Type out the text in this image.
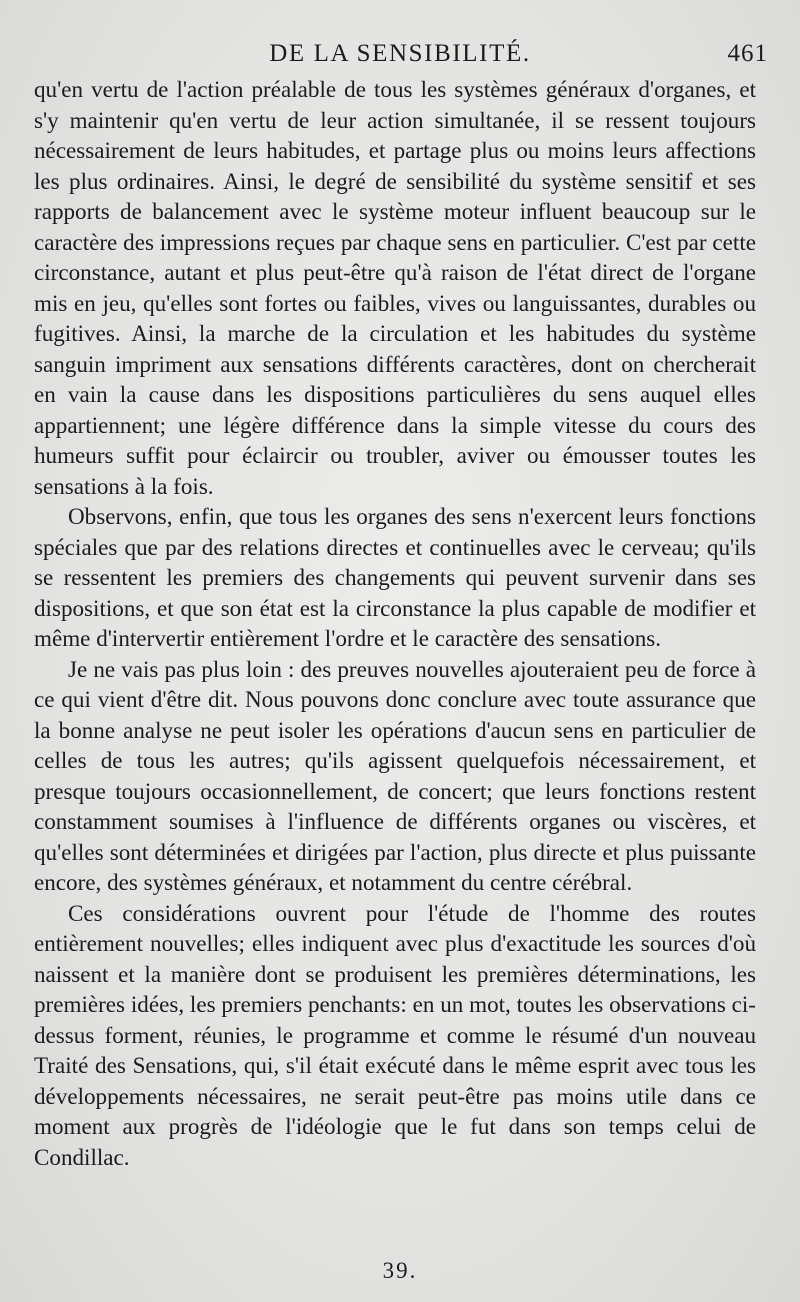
DE LA SENSIBILITÉ.	461

qu'en vertu de l'action préalable de tous les systèmes généraux d'organes, et s'y maintenir qu'en vertu de leur action simultanée, il se ressent toujours nécessairement de leurs habitudes, et partage plus ou moins leurs affections les plus ordinaires. Ainsi, le degré de sensibilité du système sensitif et ses rapports de balancement avec le système moteur influent beaucoup sur le caractère des impressions reçues par chaque sens en particulier. C'est par cette circonstance, autant et plus peut-être qu'à raison de l'état direct de l'organe mis en jeu, qu'elles sont fortes ou faibles, vives ou languissantes, durables ou fugitives. Ainsi, la marche de la circulation et les habitudes du système sanguin impriment aux sensations différents caractères, dont on chercherait en vain la cause dans les dispositions particulières du sens auquel elles appartiennent; une légère différence dans la simple vitesse du cours des humeurs suffit pour éclaircir ou troubler, aviver ou émousser toutes les sensations à la fois.

Observons, enfin, que tous les organes des sens n'exercent leurs fonctions spéciales que par des relations directes et continuelles avec le cerveau; qu'ils se ressentent les premiers des changements qui peuvent survenir dans ses dispositions, et que son état est la circonstance la plus capable de modifier et même d'intervertir entièrement l'ordre et le caractère des sensations.

Je ne vais pas plus loin : des preuves nouvelles ajouteraient peu de force à ce qui vient d'être dit. Nous pouvons donc conclure avec toute assurance que la bonne analyse ne peut isoler les opérations d'aucun sens en particulier de celles de tous les autres; qu'ils agissent quelquefois nécessairement, et presque toujours occasionnellement, de concert; que leurs fonctions restent constamment soumises à l'influence de différents organes ou viscères, et qu'elles sont déterminées et dirigées par l'action, plus directe et plus puissante encore, des systèmes généraux, et notamment du centre cérébral.

Ces considérations ouvrent pour l'étude de l'homme des routes entièrement nouvelles; elles indiquent avec plus d'exactitude les sources d'où naissent et la manière dont se produisent les premières déterminations, les premières idées, les premiers penchants: en un mot, toutes les observations ci-dessus forment, réunies, le programme et comme le résumé d'un nouveau Traité des Sensations, qui, s'il était exécuté dans le même esprit avec tous les développements nécessaires, ne serait peut-être pas moins utile dans ce moment aux progrès de l'idéologie que le fut dans son temps celui de Condillac.

39.
